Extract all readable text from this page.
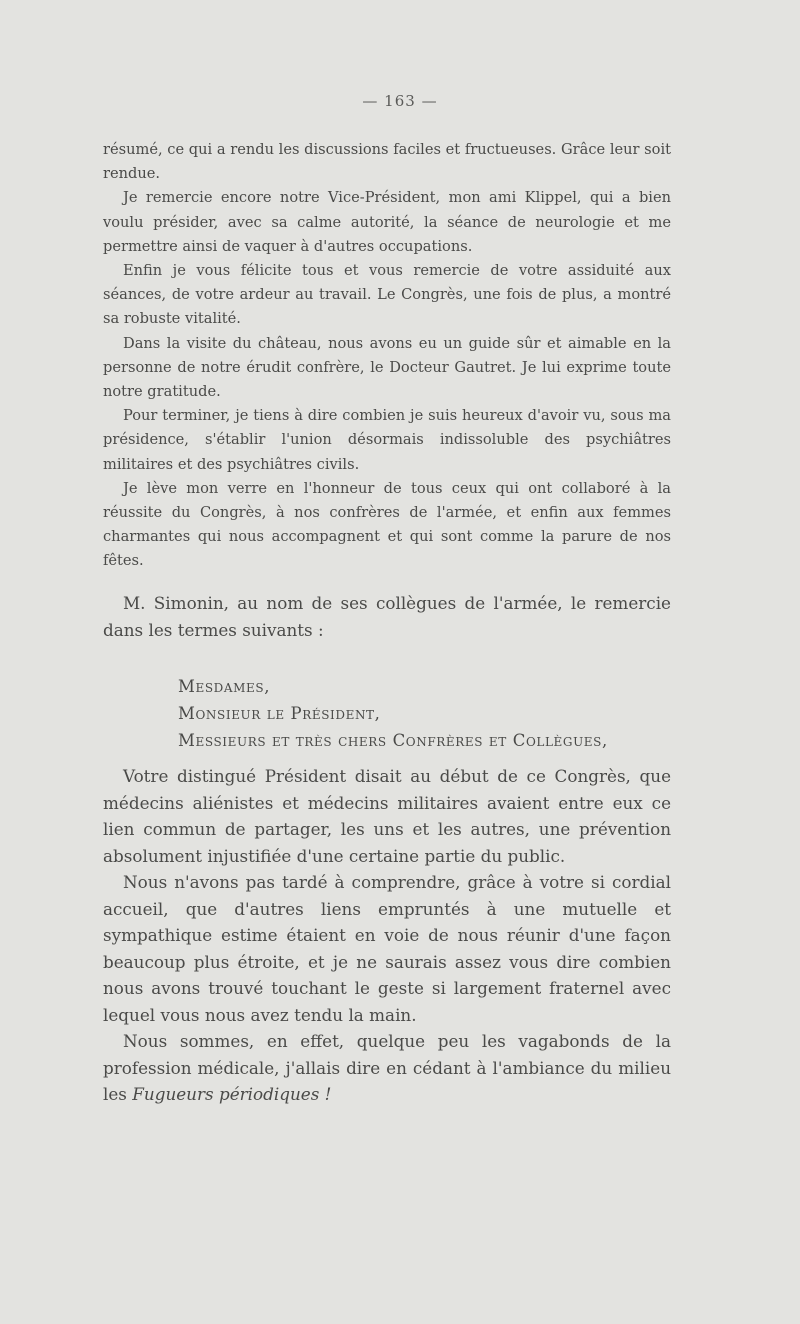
— 163 —

résumé, ce qui a rendu les discussions faciles et fructueuses. Grâce leur soit rendue.

Je remercie encore notre Vice-Président, mon ami Klippel, qui a bien voulu présider, avec sa calme autorité, la séance de neurologie et me permettre ainsi de vaquer à d'autres occupations.

Enfin je vous félicite tous et vous remercie de votre assiduité aux séances, de votre ardeur au travail. Le Congrès, une fois de plus, a montré sa robuste vitalité.

Dans la visite du château, nous avons eu un guide sûr et aimable en la personne de notre érudit confrère, le Docteur Gautret. Je lui exprime toute notre gratitude.

Pour terminer, je tiens à dire combien je suis heureux d'avoir vu, sous ma présidence, s'établir l'union désormais indissoluble des psychiâtres militaires et des psychiâtres civils.

Je lève mon verre en l'honneur de tous ceux qui ont collaboré à la réussite du Congrès, à nos confrères de l'armée, et enfin aux femmes charmantes qui nous accompagnent et qui sont comme la parure de nos fêtes.

M. Simonin, au nom de ses collègues de l'armée, le remercie dans les termes suivants :

Mesdames,
Monsieur le Président,
Messieurs et très chers Confrères et Collègues,

Votre distingué Président disait au début de ce Congrès, que médecins aliénistes et médecins militaires avaient entre eux ce lien commun de partager, les uns et les autres, une prévention absolument injustifiée d'une certaine partie du public.

Nous n'avons pas tardé à comprendre, grâce à votre si cordial accueil, que d'autres liens empruntés à une mutuelle et sympathique estime étaient en voie de nous réunir d'une façon beaucoup plus étroite, et je ne saurais assez vous dire combien nous avons trouvé touchant le geste si largement fraternel avec lequel vous nous avez tendu la main.

Nous sommes, en effet, quelque peu les vagabonds de la profession médicale, j'allais dire en cédant à l'ambiance du milieu les Fugueurs périodiques !
